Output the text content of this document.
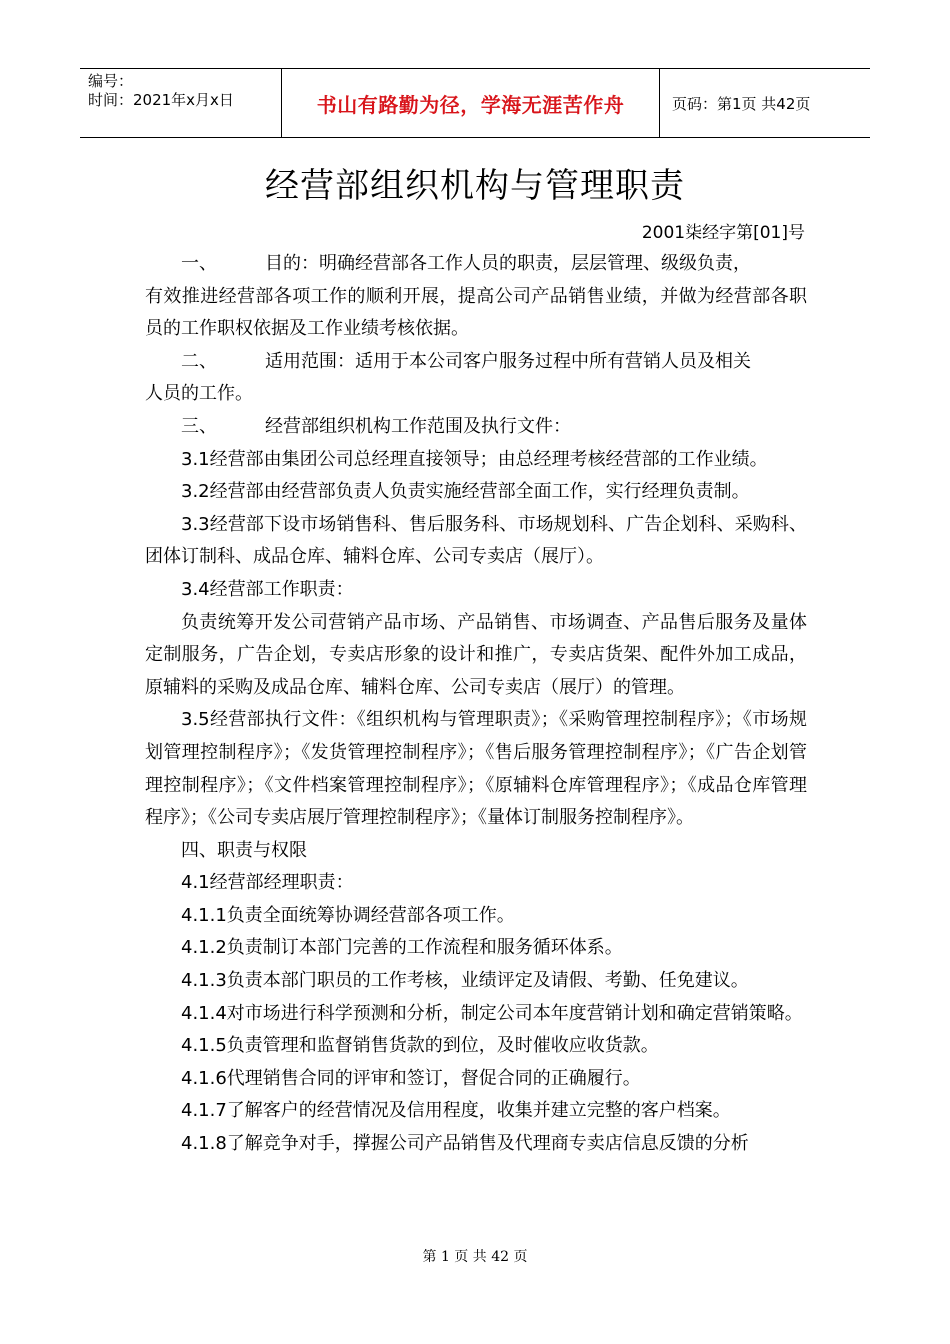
编号：
时间：2021年x月x日	书山有路勤为径，学海无涯苦作舟	页码：第1页 共42页
经营部组织机构与管理职责
2001柒经字第[01]号
一、	目的：明确经营部各工作人员的职责，层层管理、级级负责，

有效推进经营部各项工作的顺利开展，提高公司产品销售业绩，并做为经营部各职员的工作职权依据及工作业绩考核依据。

二、	适用范围：适用于本公司客户服务过程中所有营销人员及相关

人员的工作。

三、	经营部组织机构工作范围及执行文件：

3.1经营部由集团公司总经理直接领导；由总经理考核经营部的工作业绩。

3.2经营部由经营部负责人负责实施经营部全面工作，实行经理负责制。

3.3经营部下设市场销售科、售后服务科、市场规划科、广告企划科、采购科、团体订制科、成品仓库、辅料仓库、公司专卖店（展厅）。

3.4经营部工作职责：

负责统筹开发公司营销产品市场、产品销售、市场调查、产品售后服务及量体定制服务，广告企划，专卖店形象的设计和推广，专卖店货架、配件外加工成品，原辅料的采购及成品仓库、辅料仓库、公司专卖店（展厅）的管理。

3.5经营部执行文件：《组织机构与管理职责》；《采购管理控制程序》；《市场规划管理控制程序》；《发货管理控制程序》；《售后服务管理控制程序》；《广告企划管理控制程序》；《文件档案管理控制程序》；《原辅料仓库管理程序》；《成品仓库管理程序》；《公司专卖店展厅管理控制程序》；《量体订制服务控制程序》。

四、职责与权限

4.1经营部经理职责：

4.1.1负责全面统筹协调经营部各项工作。

4.1.2负责制订本部门完善的工作流程和服务循环体系。

4.1.3负责本部门职员的工作考核，业绩评定及请假、考勤、任免建议。

4.1.4对市场进行科学预测和分析，制定公司本年度营销计划和确定营销策略。

4.1.5负责管理和监督销售货款的到位，及时催收应收货款。

4.1.6代理销售合同的评审和签订，督促合同的正确履行。

4.1.7了解客户的经营情况及信用程度，收集并建立完整的客户档案。

4.1.8了解竞争对手，撑握公司产品销售及代理商专卖店信息反馈的分析

第 1 页 共 42 页
